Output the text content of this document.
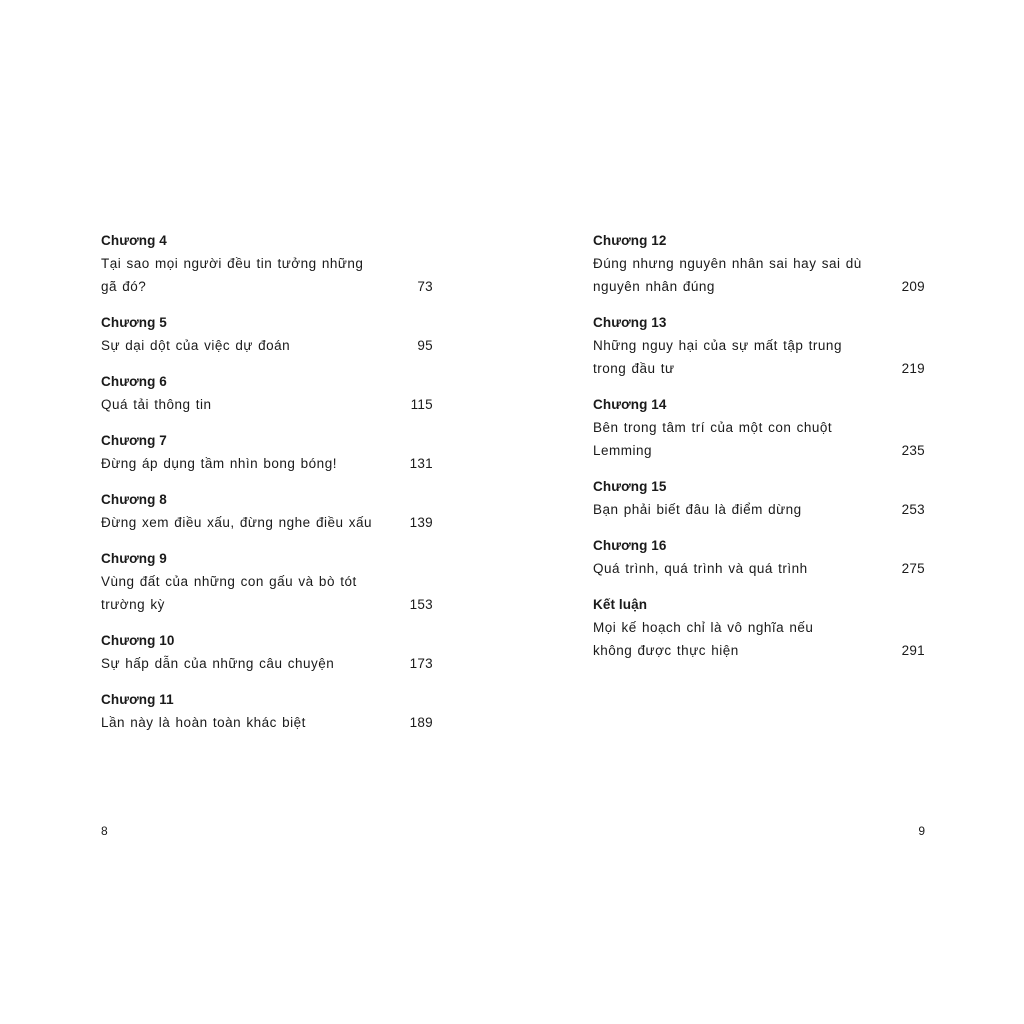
Chương 4
Tại sao mọi người đều tin tưởng những
gã đó?	73
Chương 5
Sự dại dột của việc dự đoán	95
Chương 6
Quá tải thông tin	115
Chương 7
Đừng áp dụng tầm nhìn bong bóng!	131
Chương 8
Đừng xem điều xấu, đừng nghe điều xấu	139
Chương 9
Vùng đất của những con gấu và bò tót
trường kỳ	153
Chương 10
Sự hấp dẫn của những câu chuyện	173
Chương 11
Lần này là hoàn toàn khác biệt	189
8
Chương 12
Đúng nhưng nguyên nhân sai hay sai dù
nguyên nhân đúng	209
Chương 13
Những nguy hại của sự mất tập trung
trong đầu tư	219
Chương 14
Bên trong tâm trí của một con chuột
Lemming	235
Chương 15
Bạn phải biết đâu là điểm dừng	253
Chương 16
Quá trình, quá trình và quá trình	275
Kết luận
Mọi kế hoạch chỉ là vô nghĩa nếu
không được thực hiện	291
9
